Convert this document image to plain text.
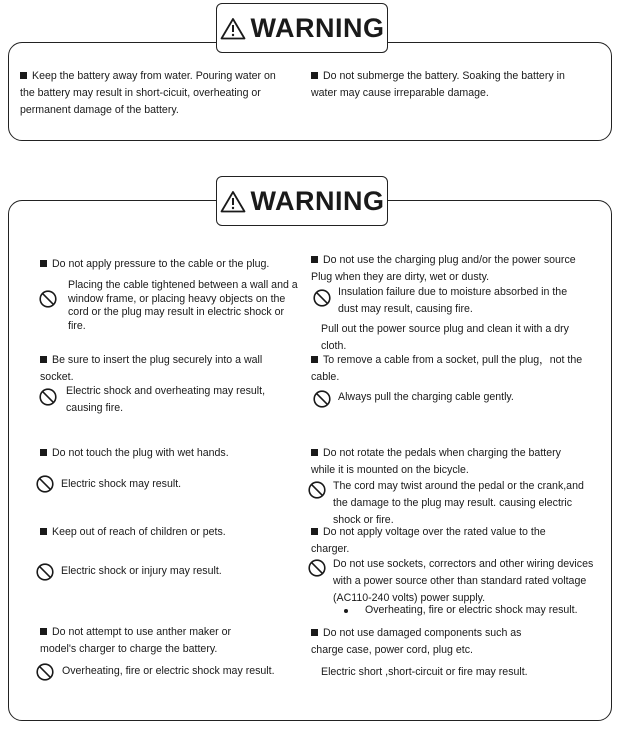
WARNING
Keep the battery away from water. Pouring water on the battery may result in short-cicuit, overheating or permanent damage of the battery.
Do not submerge the battery. Soaking the battery in water may cause irreparable damage.
WARNING
Do not apply pressure to the cable or the plug.
Placing the cable tightened between a wall and a window frame, or placing heavy objects on the cord or the plug may result in electric shock or fire.
Be sure to insert the plug securely into a wall socket.
Electric shock and overheating may result, causing fire.
Do not touch the plug with wet hands.
Electric shock may result.
Keep out of reach of children or pets.
Electric shock or injury may result.
Do not attempt to use anther maker or model's charger to charge the battery.
Overheating, fire or electric shock may result.
Do not use the charging plug and/or the power source Plug when they are dirty, wet or dusty.
Insulation failure due to moisture absorbed in the dust may result, causing fire.
Pull out the power source plug and clean it with a dry cloth.
To remove a cable from a socket, pull the plug，not the cable.
Always pull the charging cable gently.
Do not rotate the pedals when charging the battery while it is mounted on the bicycle.
The cord may twist around the pedal or the crank,and the damage to the plug may result. causing electric shock or fire.
Do not apply voltage over the rated value to the charger.
Do not use sockets, correctors and other wiring devices with a power source other than standard rated voltage (AC110-240 volts) power supply.
Overheating, fire or electric shock may result.
Do not use damaged components such as charge case, power cord, plug etc.
Electric short ,short-circuit or fire may result.
